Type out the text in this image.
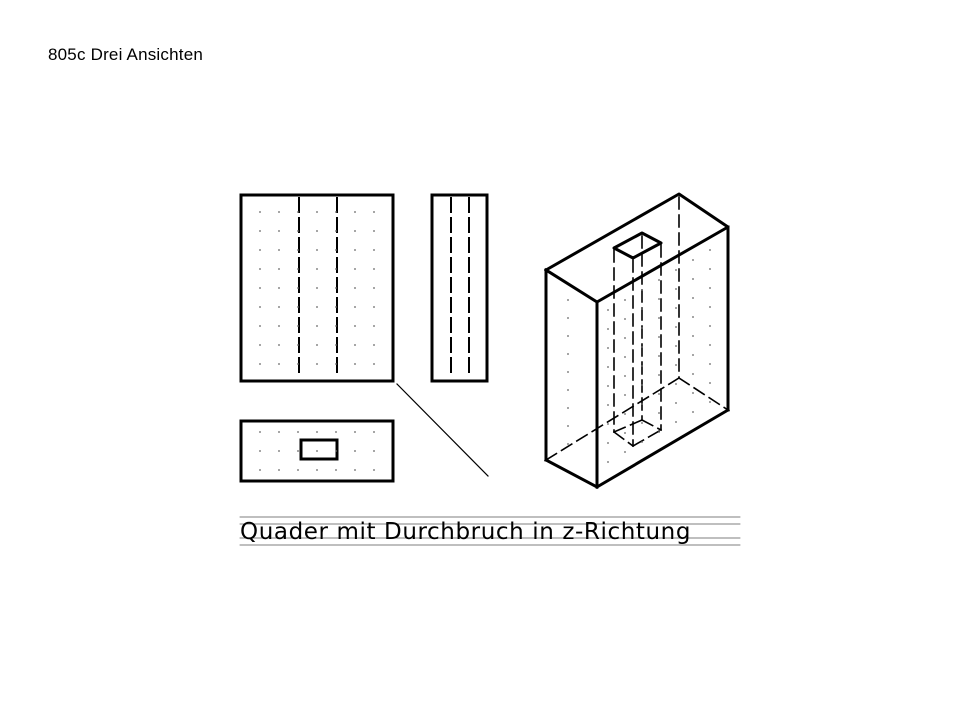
805c Drei Ansichten
Quader mit Durchbruch in z-Richtung
